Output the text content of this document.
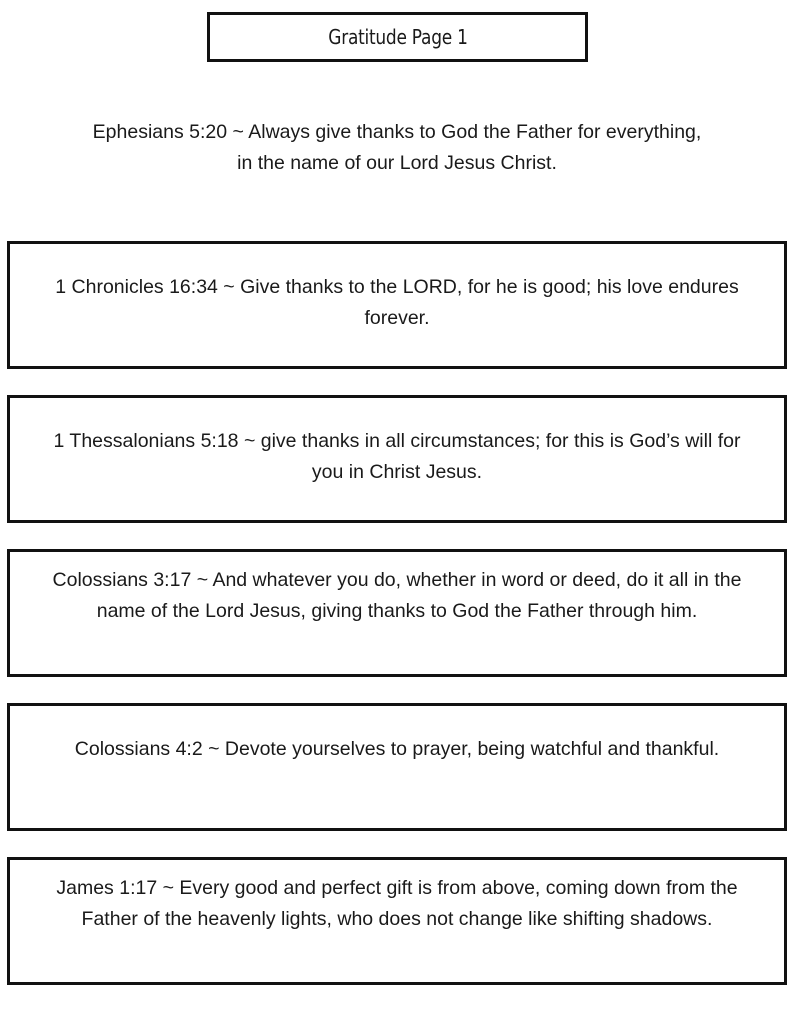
Gratitude Page 1
Ephesians 5:20 ~ Always give thanks to God the Father for everything,
in the name of our Lord Jesus Christ.

1 Chronicles 16:34 ~ Give thanks to the LORD, for he is good; his love endures forever.

1 Thessalonians 5:18 ~ give thanks in all circumstances; for this is God’s will for you in Christ Jesus.

Colossians 3:17 ~ And whatever you do, whether in word or deed, do it all in the name of the Lord Jesus, giving thanks to God the Father through him.

Colossians 4:2 ~ Devote yourselves to prayer, being watchful and thankful.

James 1:17 ~ Every good and perfect gift is from above, coming down from the Father of the heavenly lights, who does not change like shifting shadows.
